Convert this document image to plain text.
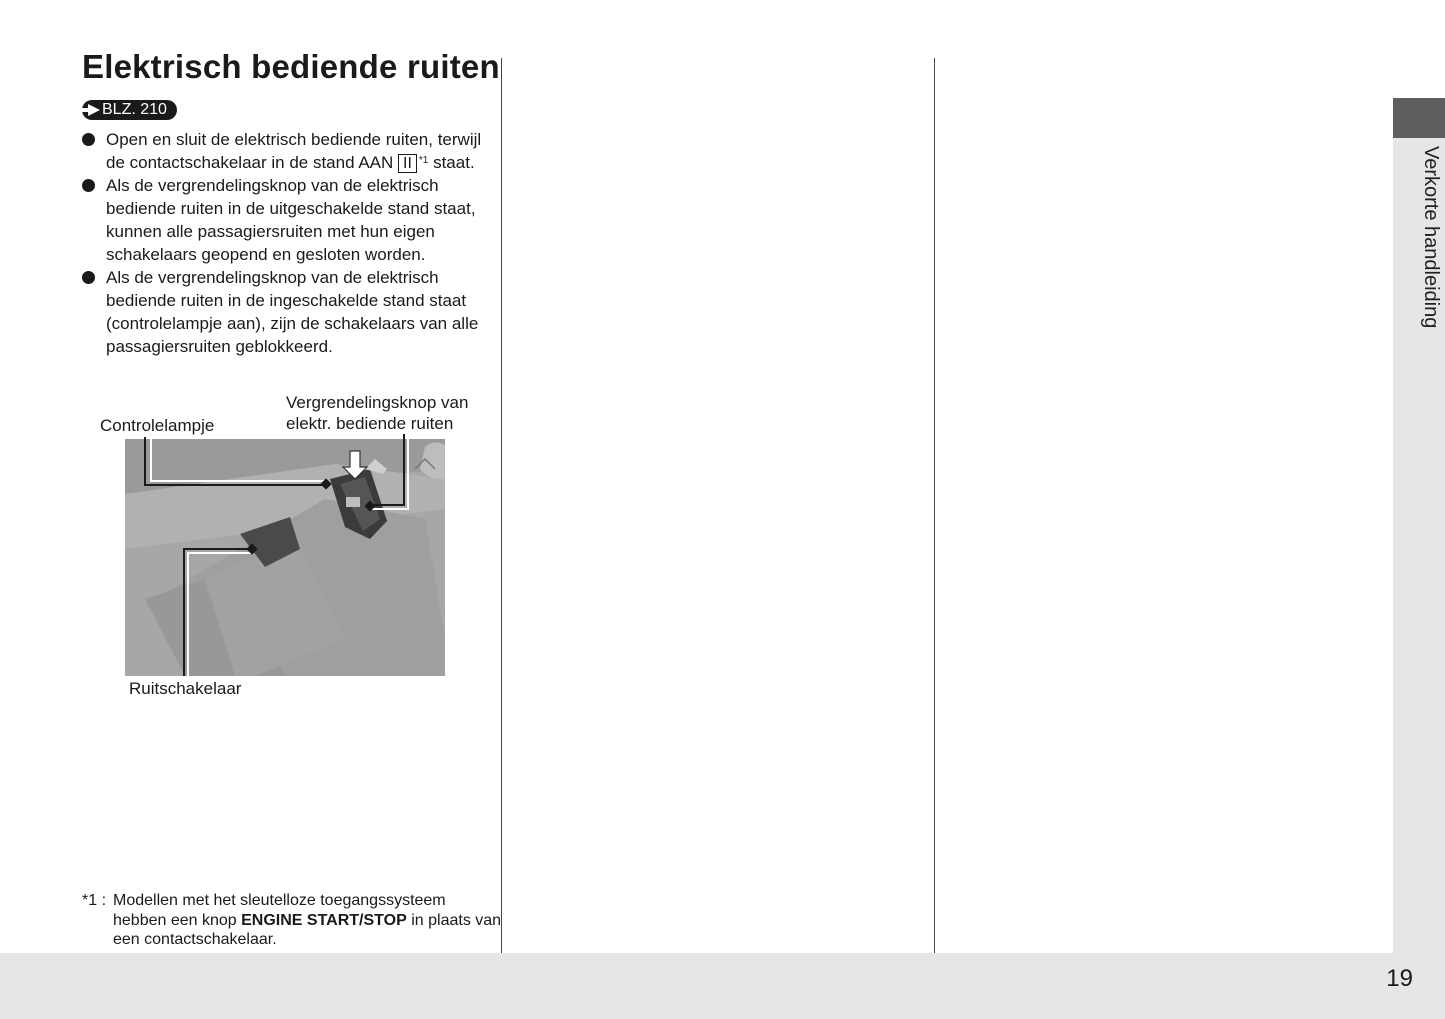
Verkorte handleiding
19
Elektrisch bediende ruiten
BLZ. 210
Open en sluit de elektrisch bediende ruiten, terwijl de contactschakelaar in de stand AAN II $^{*1}$ staat.
Als de vergrendelingsknop van de elektrisch bediende ruiten in de uitgeschakelde stand staat, kunnen alle passagiersruiten met hun eigen schakelaars geopend en gesloten worden.
Als de vergrendelingsknop van de elektrisch bediende ruiten in de ingeschakelde stand staat (controlelampje aan), zijn de schakelaars van alle passagiersruiten geblokkeerd.
Controlelampje
Vergrendelingsknop van
elektr. bediende ruiten
Ruitschakelaar
*1 : Modellen met het sleutelloze toegangssysteem hebben een knop ENGINE START/STOP in plaats van een contactschakelaar.
